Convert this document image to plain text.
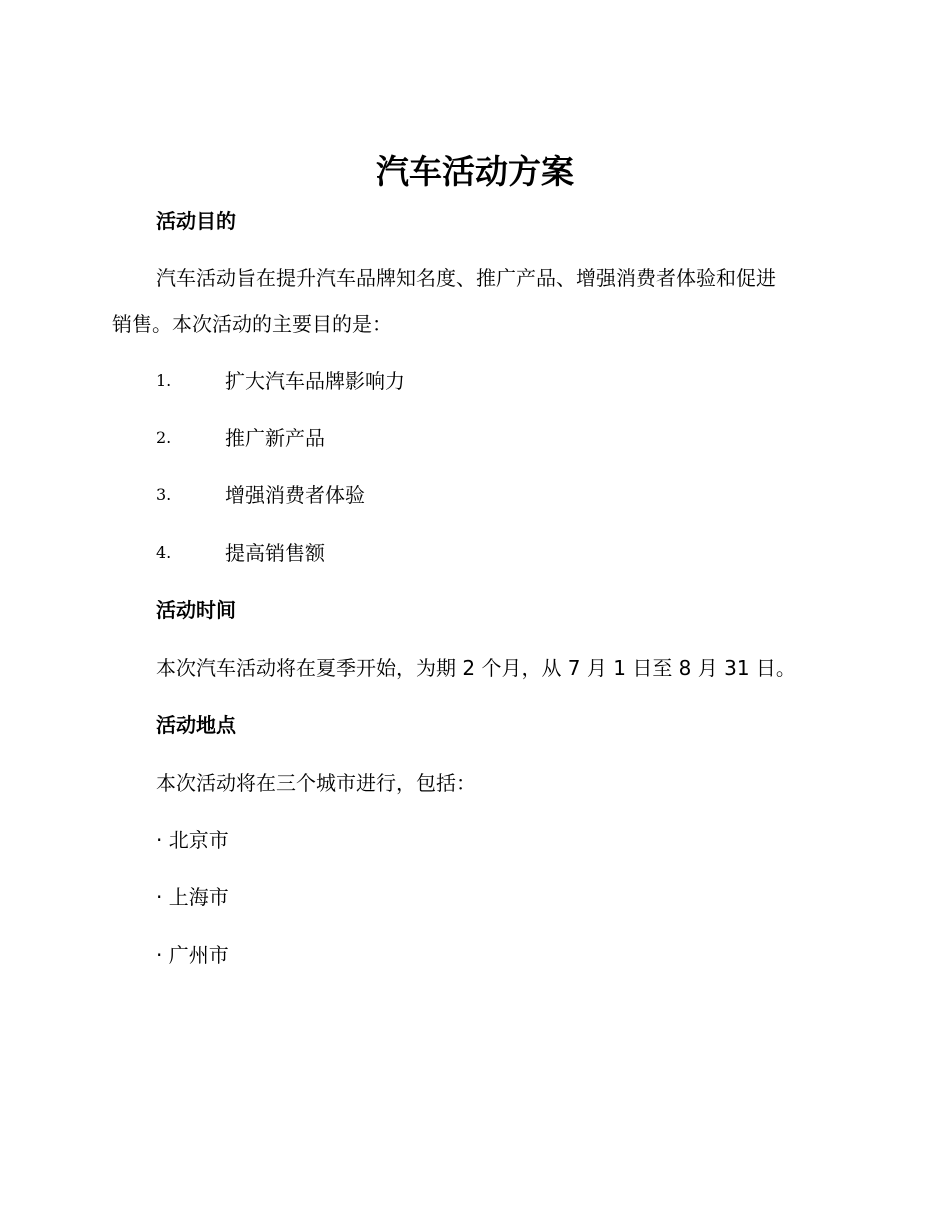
汽车活动方案
活动目的
汽车活动旨在提升汽车品牌知名度、推广产品、增强消费者体验和促进
销售。本次活动的主要目的是：
1.	扩大汽车品牌影响力
2.	推广新产品
3.	增强消费者体验
4.	提高销售额
活动时间
本次汽车活动将在夏季开始，为期 2 个月，从 7 月 1 日至 8 月 31 日。
活动地点
本次活动将在三个城市进行，包括：
· 北京市
· 上海市
· 广州市
